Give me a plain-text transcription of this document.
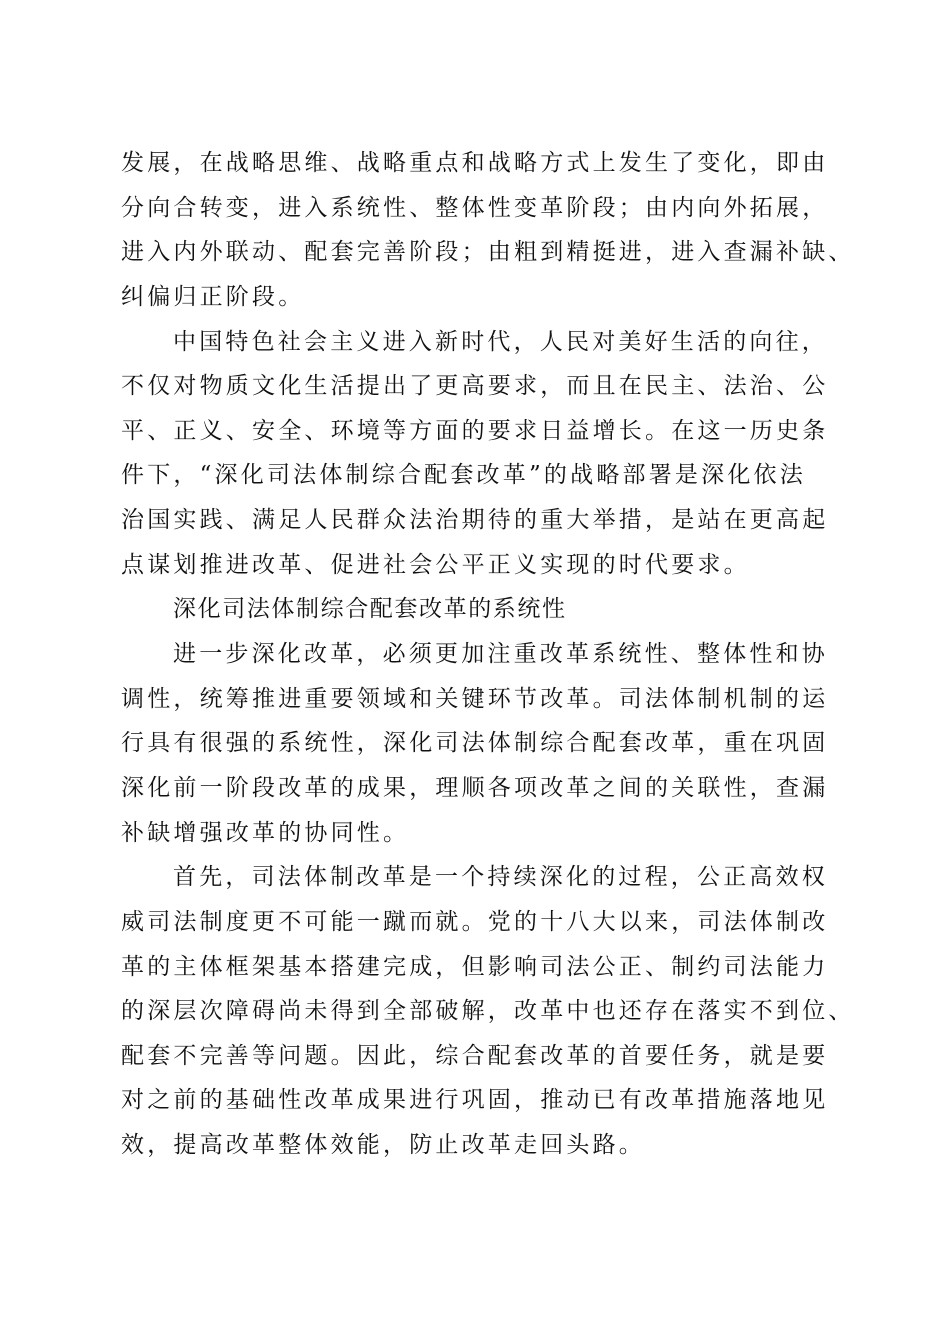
发展，在战略思维、战略重点和战略方式上发生了变化，即由
分向合转变，进入系统性、整体性变革阶段；由内向外拓展，
进入内外联动、配套完善阶段；由粗到精挺进，进入查漏补缺、
纠偏归正阶段。
中国特色社会主义进入新时代，人民对美好生活的向往，
不仅对物质文化生活提出了更高要求，而且在民主、法治、公
平、正义、安全、环境等方面的要求日益增长。在这一历史条
件下，“深化司法体制综合配套改革”的战略部署是深化依法
治国实践、满足人民群众法治期待的重大举措，是站在更高起
点谋划推进改革、促进社会公平正义实现的时代要求。
深化司法体制综合配套改革的系统性
进一步深化改革，必须更加注重改革系统性、整体性和协
调性，统筹推进重要领域和关键环节改革。司法体制机制的运
行具有很强的系统性，深化司法体制综合配套改革，重在巩固
深化前一阶段改革的成果，理顺各项改革之间的关联性，查漏
补缺增强改革的协同性。
首先，司法体制改革是一个持续深化的过程，公正高效权
威司法制度更不可能一蹴而就。党的十八大以来，司法体制改
革的主体框架基本搭建完成，但影响司法公正、制约司法能力
的深层次障碍尚未得到全部破解，改革中也还存在落实不到位、
配套不完善等问题。因此，综合配套改革的首要任务，就是要
对之前的基础性改革成果进行巩固，推动已有改革措施落地见
效，提高改革整体效能，防止改革走回头路。
